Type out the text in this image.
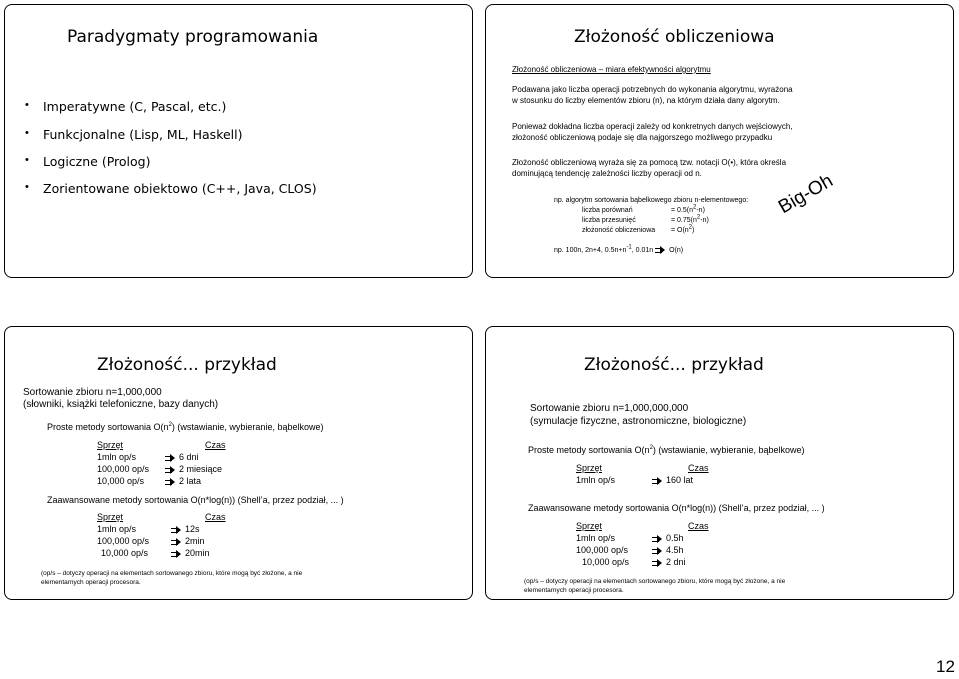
Paradygmaty programowania
• Imperatywne (C, Pascal, etc.)
• Funkcjonalne (Lisp, ML, Haskell)
• Logiczne (Prolog)
• Zorientowane obiektowo (C++, Java, CLOS)
Złożoność obliczeniowa
Złożoność obliczeniowa – miara efektywności algorytmu
Podawana jako liczba operacji potrzebnych do wykonania algorytmu, wyrażona
w stosunku do liczby elementów zbioru (n), na którym działa dany algorytm.
Ponieważ dokładna liczba operacji zależy od konkretnych danych wejściowych,
złożoność obliczeniową podaje się dla najgorszego możliwego przypadku
Złożoność obliczeniową wyraża się za pomocą tzw. notacji O(•), która określa
dominującą tendencję zależności liczby operacji od n.
np. algorytm sortowania bąbelkowego zbioru n-elementowego:
liczba porównań	= $0.5(n^2-n)$
liczba przesunięć	= $0.75(n^2-n)$
złożoność obliczeniowa = $O(n^2)$
Big-Oh
np. 100n, 2n+4, $0.5n+n^{-1}$, 0.01n O(n)
Złożoność... przykład
Sortowanie zbioru n=1,000,000
(słowniki, książki telefoniczne, bazy danych)
Proste metody sortowania $O(n^2)$ (wstawianie, wybieranie, bąbelkowe)
Sprzęt	Czas
1mln op/s	6 dni
100,000 op/s	2 miesiące
10,000 op/s	2 lata
Zaawansowane metody sortowania O(n*log(n)) (Shell’a, przez podział, ... )
Sprzęt	Czas
1mln op/s	12s
100,000 op/s	2min
10,000 op/s	20min
(op/s – dotyczy operacji na elementach sortowanego zbioru, które mogą być złożone, a nie
elementarnych operacji procesora.
Złożoność... przykład
Sortowanie zbioru n=1,000,000,000
(symulacje fizyczne, astronomiczne, biologiczne)
Proste metody sortowania $O(n^2)$ (wstawianie, wybieranie, bąbelkowe)
Sprzęt	Czas
1mln op/s	160 lat
Zaawansowane metody sortowania O(n*log(n)) (Shell’a, przez podział, ... )
Sprzęt	Czas
1mln op/s	0.5h
100,000 op/s	4.5h
10,000 op/s	2 dni
(op/s – dotyczy operacji na elementach sortowanego zbioru, które mogą być złożone, a nie
elementarnych operacji procesora.
12
